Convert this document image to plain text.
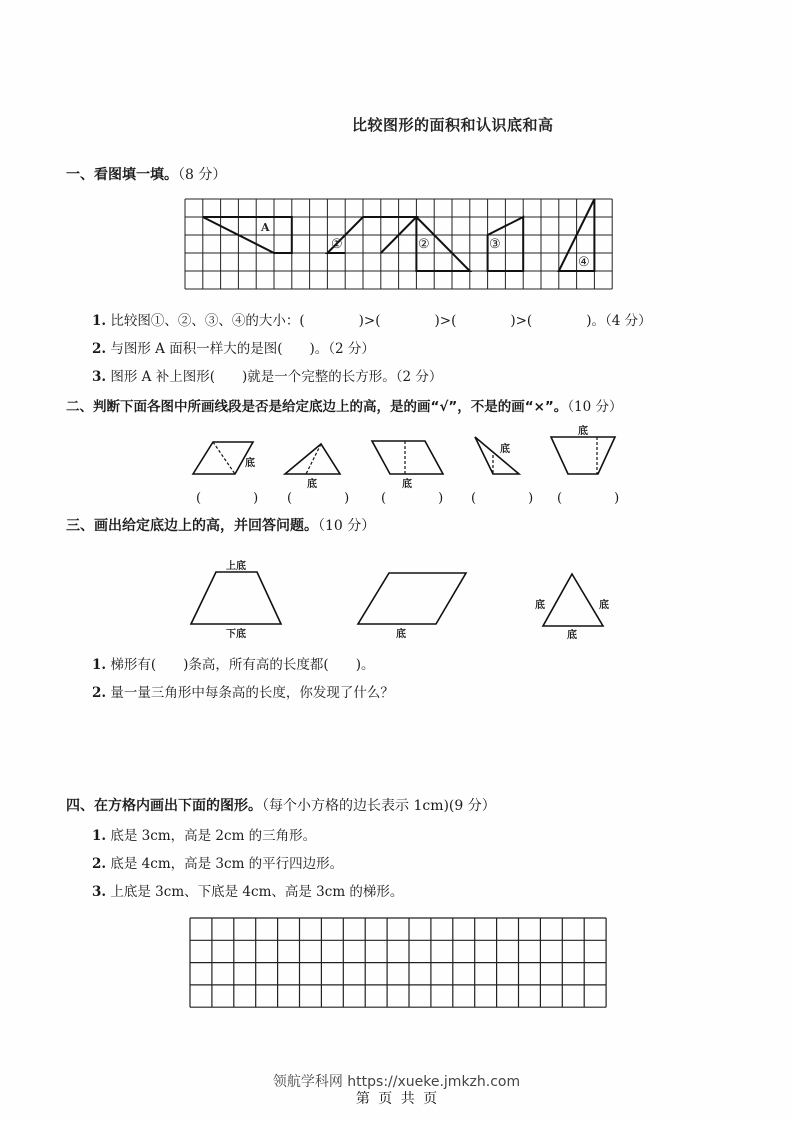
比较图形的面积和认识底和高
一、看图填一填。（8 分）
A
①	②	③
④
底
底	底
底
底
上底
下底	底
底	底
底
1. 比较图①、②、③、④的大小：(　　　　)>(　　　　)>(　　　　)>(　　　　)。（4 分）
2. 与图形 A 面积一样大的是图(　　)。（2 分）
3. 图形 A 补上图形(　　)就是一个完整的长方形。（2 分）
二、判断下面各图中所画线段是否是给定底边上的高，是的画“√”，不是的画“×”。（10 分）
(　　　　) (　　　　) (　　　　) (　　　　) (　　　　)
三、画出给定底边上的高，并回答问题。（10 分）
1. 梯形有(　　)条高，所有高的长度都(　　)。
2. 量一量三角形中每条高的长度，你发现了什么？
四、在方格内画出下面的图形。（每个小方格的边长表示 1cm)(9 分）
1. 底是 3cm，高是 2cm 的三角形。
2. 底是 4cm，高是 3cm 的平行四边形。
3. 上底是 3cm、下底是 4cm、高是 3cm 的梯形。
领航学科网 https://xueke.jmkzh.com
第 页 共 页
